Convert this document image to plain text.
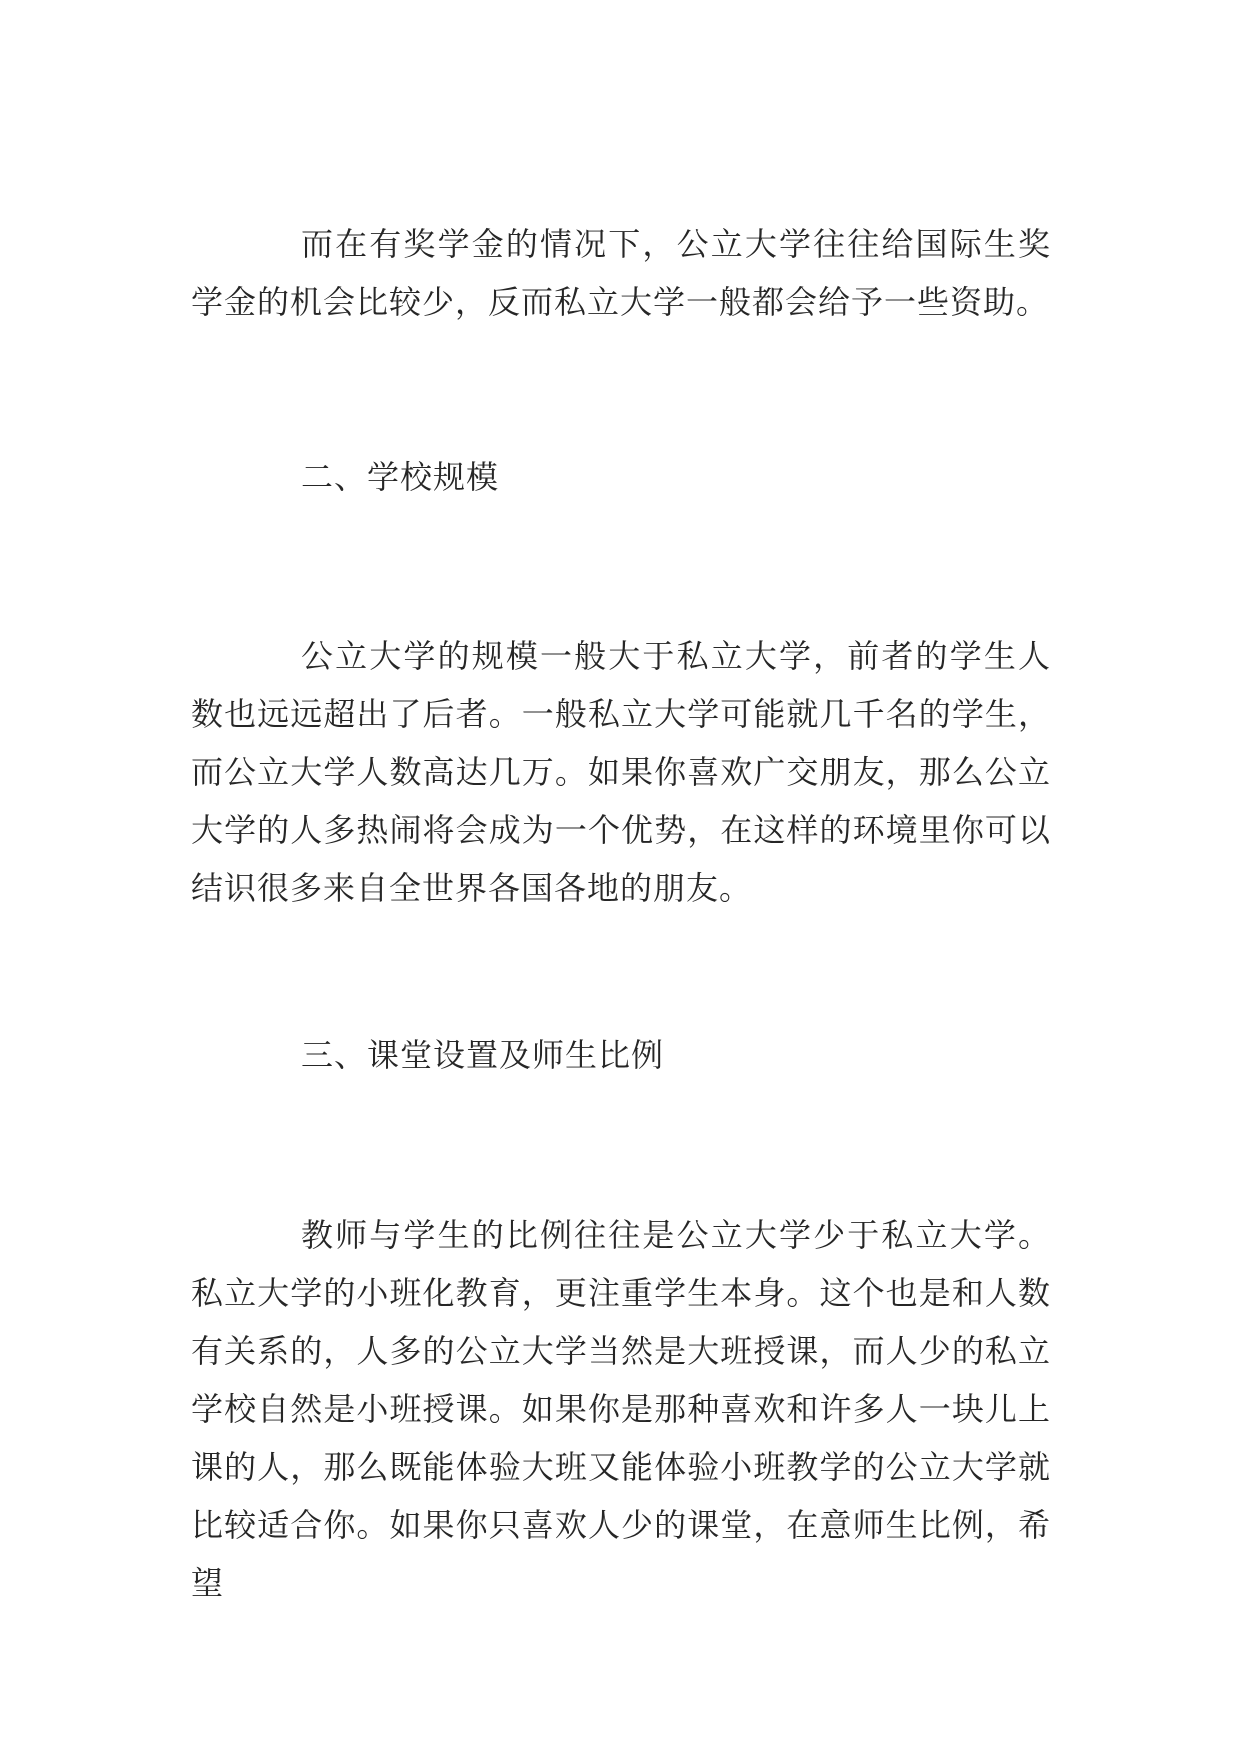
而在有奖学金的情况下，公立大学往往给国际生奖学金的机会比较少，反而私立大学一般都会给予一些资助。

二、学校规模

公立大学的规模一般大于私立大学，前者的学生人数也远远超出了后者。一般私立大学可能就几千名的学生，而公立大学人数高达几万。如果你喜欢广交朋友，那么公立大学的人多热闹将会成为一个优势，在这样的环境里你可以结识很多来自全世界各国各地的朋友。

三、课堂设置及师生比例

教师与学生的比例往往是公立大学少于私立大学。私立大学的小班化教育，更注重学生本身。这个也是和人数有关系的，人多的公立大学当然是大班授课，而人少的私立学校自然是小班授课。如果你是那种喜欢和许多人一块儿上课的人，那么既能体验大班又能体验小班教学的公立大学就比较适合你。如果你只喜欢人少的课堂，在意师生比例，希望
